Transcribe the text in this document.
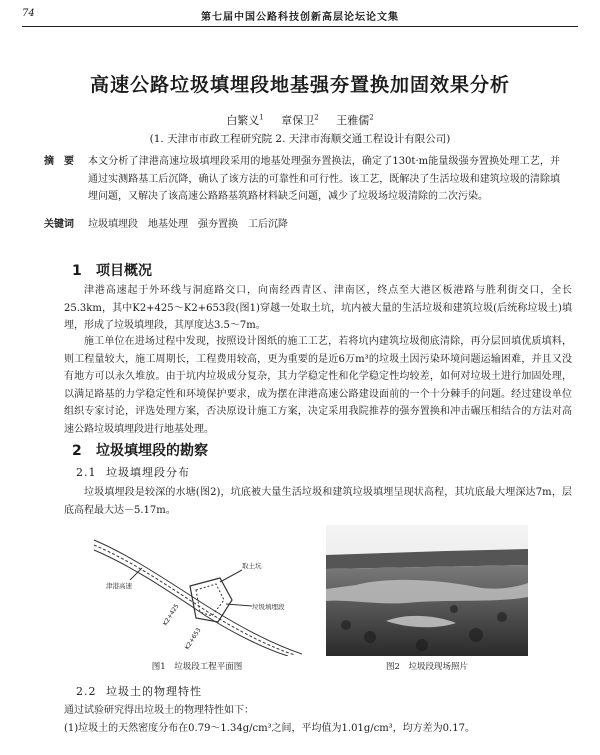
74	第七届中国公路科技创新高层论坛论文集
高速公路垃圾填埋段地基强夯置换加固效果分析
白繁义$^1$ 章保卫$^2$ 王雅儒$^2$
(1. 天津市市政工程研究院 2. 天津市海顺交通工程设计有限公司)
摘　要 本文分析了津港高速垃圾填埋段采用的地基处理强夯置换法，确定了130t·m能量级强夯置换处理工艺，并通过实测路基工后沉降，确认了该方法的可靠性和可行性。该工艺，既解决了生活垃圾和建筑垃圾的清除填埋问题，又解决了该高速公路路基筑路材料缺乏问题，减少了垃圾场垃圾清除的二次污染。
关键词 垃圾填埋段　地基处理　强夯置换　工后沉降
1 项目概况
津港高速起于外环线与洞庭路交口，向南经西青区、津南区，终点至大港区板港路与胜利街交口，全长25.3km，其中K2+425～K2+653段(图1)穿越一处取土坑，坑内被大量的生活垃圾和建筑垃圾(后统称垃圾土)填埋，形成了垃圾填埋段，其厚度达3.5～7m。
施工单位在进场过程中发现，按照设计图纸的施工工艺，若将坑内建筑垃圾彻底清除，再分层回填优质填料，则工程量较大，施工周期长，工程费用较高，更为重要的是近6万m³的垃圾土因污染环境问题运输困难，并且又没有地方可以永久堆放。由于坑内垃圾成分复杂，其力学稳定性和化学稳定性均较差，如何对垃圾土进行加固处理，以满足路基的力学稳定性和环境保护要求，成为摆在津港高速公路建设面前的一个十分棘手的问题。经过建设单位组织专家讨论，评选处理方案，否决原设计施工方案，决定采用我院推荐的强夯置换和冲击碾压相结合的方法对高速公路垃圾填埋段进行地基处理。
2 垃圾填埋段的勘察
2.1 垃圾填埋段分布
垃圾填埋段是较深的水塘(图2)，坑底被大量生活垃圾和建筑垃圾填埋呈现状高程，其坑底最大埋深达7m，层底高程最大达－5.17m。
取土坑
垃圾填埋段
津港高速
K2+425
K2+653
图1　垃圾段工程平面图	图2　垃圾段现场照片
2.2 垃圾土的物理特性
通过试验研究得出垃圾土的物理特性如下：
(1)垃圾土的天然密度分布在0.79～1.34g/cm³之间，平均值为1.01g/cm³，均方差为0.17。
